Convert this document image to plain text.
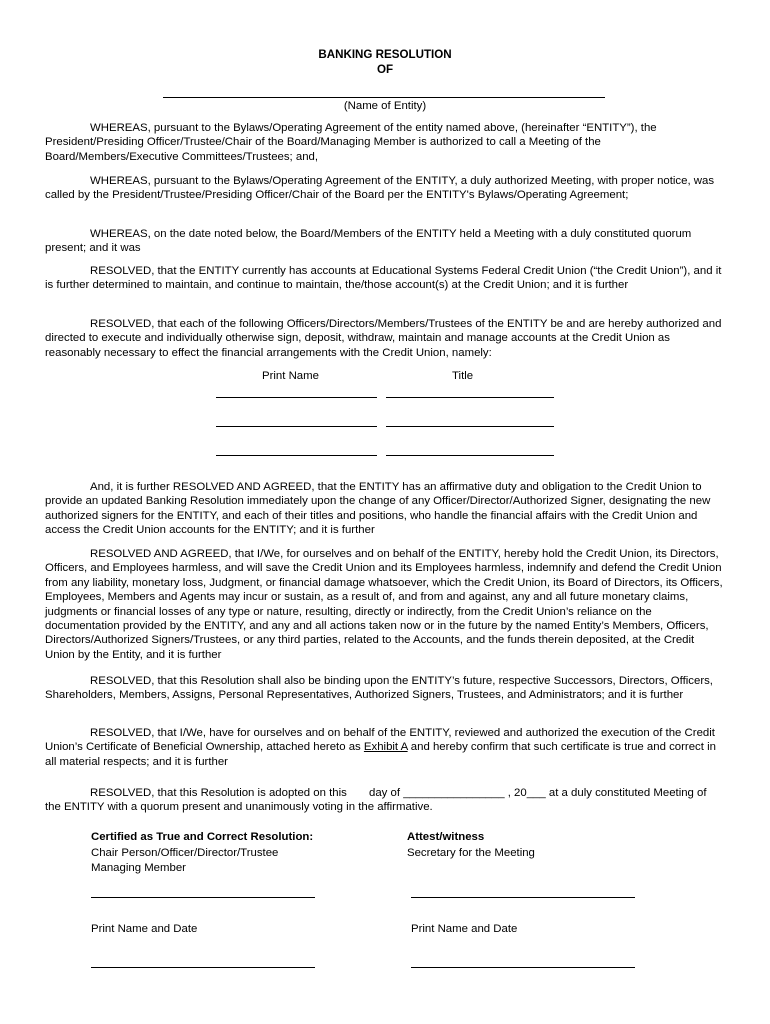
BANKING RESOLUTION
OF
(Name of Entity)
WHEREAS, pursuant to the Bylaws/Operating Agreement of the entity named above, (hereinafter “ENTITY”), the President/Presiding Officer/Trustee/Chair of the Board/Managing Member is authorized to call a Meeting of the Board/Members/Executive Committees/Trustees; and,
WHEREAS, pursuant to the Bylaws/Operating Agreement of the ENTITY, a duly authorized Meeting, with proper notice, was called by the President/Trustee/Presiding Officer/Chair of the Board per the ENTITY's Bylaws/Operating Agreement;
WHEREAS, on the date noted below, the Board/Members of the ENTITY held a Meeting with a duly constituted quorum present; and it was
RESOLVED, that the ENTITY currently has accounts at Educational Systems Federal Credit Union (“the Credit Union”), and it is further determined to maintain, and continue to maintain, the/those account(s) at the Credit Union; and it is further
RESOLVED, that each of the following Officers/Directors/Members/Trustees of the ENTITY be and are hereby authorized and directed to execute and individually otherwise sign, deposit, withdraw, maintain and manage accounts at the Credit Union as reasonably necessary to effect the financial arrangements with the Credit Union, namely:
Print Name	Title
And, it is further RESOLVED AND AGREED, that the ENTITY has an affirmative duty and obligation to the Credit Union to provide an updated Banking Resolution immediately upon the change of any Officer/Director/Authorized Signer, designating the new authorized signers for the ENTITY, and each of their titles and positions, who handle the financial affairs with the Credit Union and access the Credit Union accounts for the ENTITY; and it is further
RESOLVED AND AGREED, that I/We, for ourselves and on behalf of the ENTITY, hereby hold the Credit Union, its Directors, Officers, and Employees harmless, and will save the Credit Union and its Employees harmless, indemnify and defend the Credit Union from any liability, monetary loss, Judgment, or financial damage whatsoever, which the Credit Union, its Board of Directors, its Officers, Employees, Members and Agents may incur or sustain, as a result of, and from and against, any and all future monetary claims, judgments or financial losses of any type or nature, resulting, directly or indirectly, from the Credit Union’s reliance on the documentation provided by the ENTITY, and any and all actions taken now or in the future by the named Entity’s Members, Officers, Directors/Authorized Signers/Trustees, or any third parties, related to the Accounts, and the funds therein deposited, at the Credit Union by the Entity, and it is further
RESOLVED, that this Resolution shall also be binding upon the ENTITY’s future, respective Successors, Directors, Officers, Shareholders, Members, Assigns, Personal Representatives, Authorized Signers, Trustees, and Administrators; and it is further
RESOLVED, that I/We, have for ourselves and on behalf of the ENTITY, reviewed and authorized the execution of the Credit Union’s Certificate of Beneficial Ownership, attached hereto as Exhibit A and hereby confirm that such certificate is true and correct in all material respects; and it is further
RESOLVED, that this Resolution is adopted on this       day of ________________ , 20___ at a duly constituted Meeting of the ENTITY with a quorum present and unanimously voting in the affirmative.
Certified as True and Correct Resolution:
Chair Person/Officer/Director/Trustee
Managing Member
Attest/witness
Secretary for the Meeting
Print Name and Date	Print Name and Date
